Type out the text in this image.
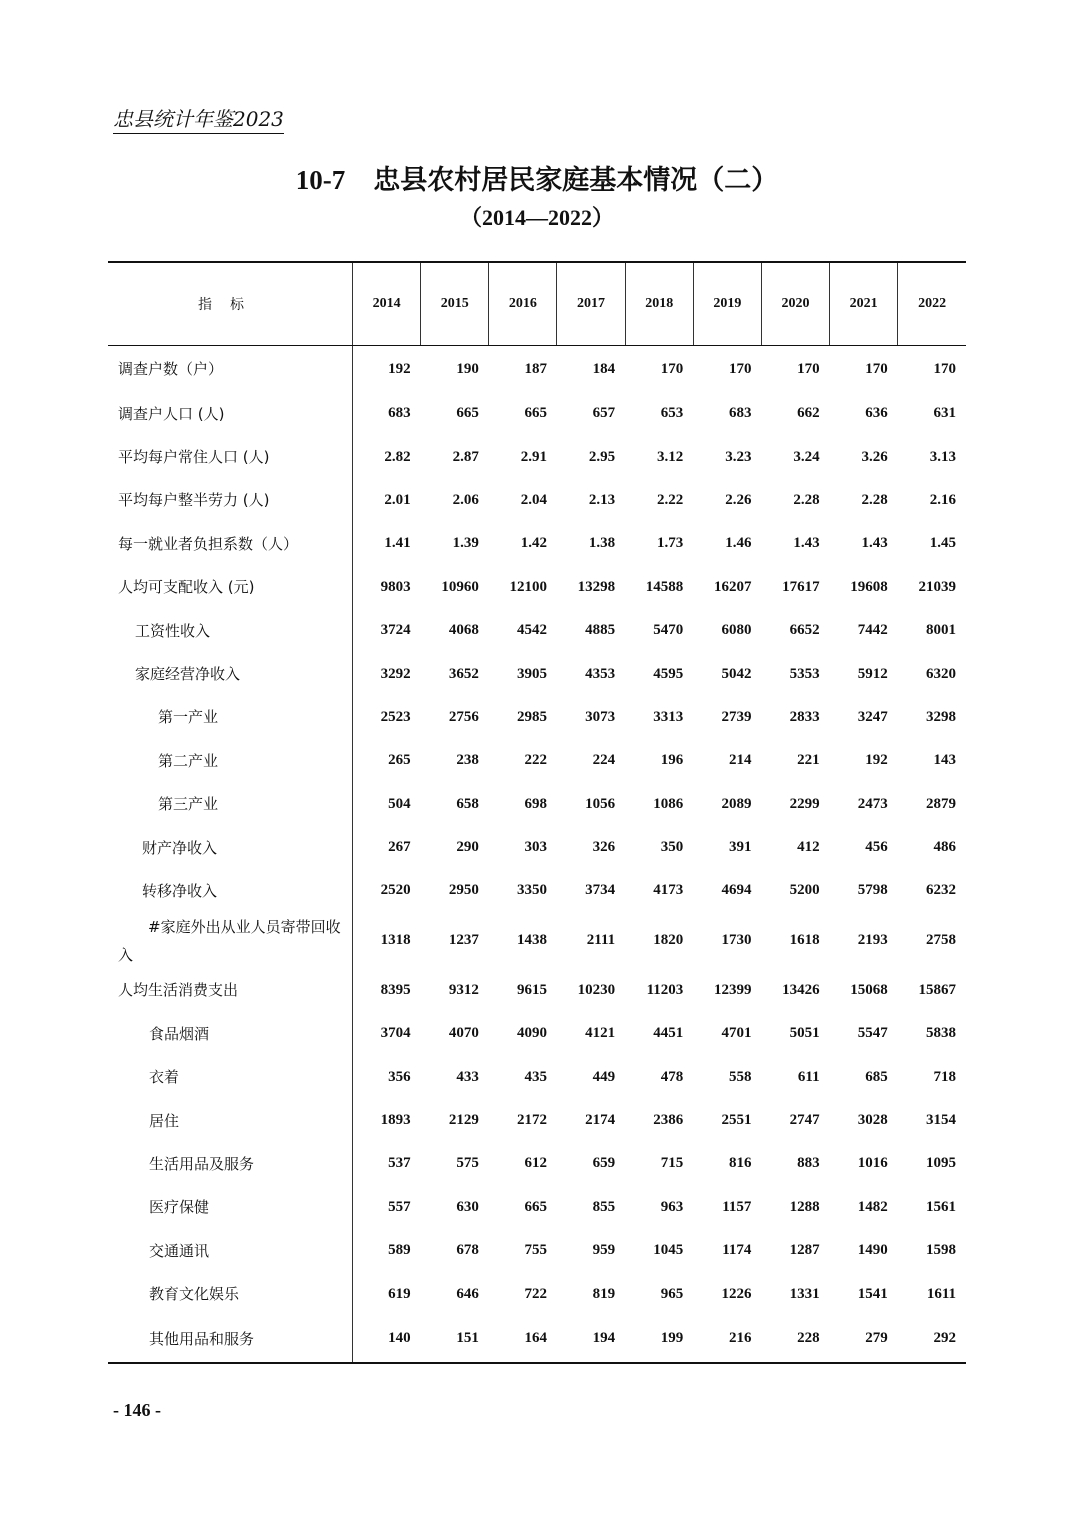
忠县统计年鉴2023
10-7 忠县农村居民家庭基本情况（二）
（2014—2022）
指标	2014	2015	2016	2017	2018	2019	2020	2021	2022
调查户数（户）	192	190	187	184	170	170	170	170	170
调查户人口 (人)	683	665	665	657	653	683	662	636	631
平均每户常住人口 (人)	2.82	2.87	2.91	2.95	3.12	3.23	3.24	3.26	3.13
平均每户整半劳力 (人)	2.01	2.06	2.04	2.13	2.22	2.26	2.28	2.28	2.16
每一就业者负担系数（人）	1.41	1.39	1.42	1.38	1.73	1.46	1.43	1.43	1.45
人均可支配收入 (元)	9803	10960	12100	13298	14588	16207	17617	19608	21039
工资性收入	3724	4068	4542	4885	5470	6080	6652	7442	8001
家庭经营净收入	3292	3652	3905	4353	4595	5042	5353	5912	6320
第一产业	2523	2756	2985	3073	3313	2739	2833	3247	3298
第二产业	265	238	222	224	196	214	221	192	143
第三产业	504	658	698	1056	1086	2089	2299	2473	2879
财产净收入	267	290	303	326	350	391	412	456	486
转移净收入	2520	2950	3350	3734	4173	4694	5200	5798	6232
#家庭外出从业人员寄带回收入	1318	1237	1438	2111	1820	1730	1618	2193	2758
人均生活消费支出	8395	9312	9615	10230	11203	12399	13426	15068	15867
食品烟酒	3704	4070	4090	4121	4451	4701	5051	5547	5838
衣着	356	433	435	449	478	558	611	685	718
居住	1893	2129	2172	2174	2386	2551	2747	3028	3154
生活用品及服务	537	575	612	659	715	816	883	1016	1095
医疗保健	557	630	665	855	963	1157	1288	1482	1561
交通通讯	589	678	755	959	1045	1174	1287	1490	1598
教育文化娱乐	619	646	722	819	965	1226	1331	1541	1611
其他用品和服务	140	151	164	194	199	216	228	279	292
- 146 -
